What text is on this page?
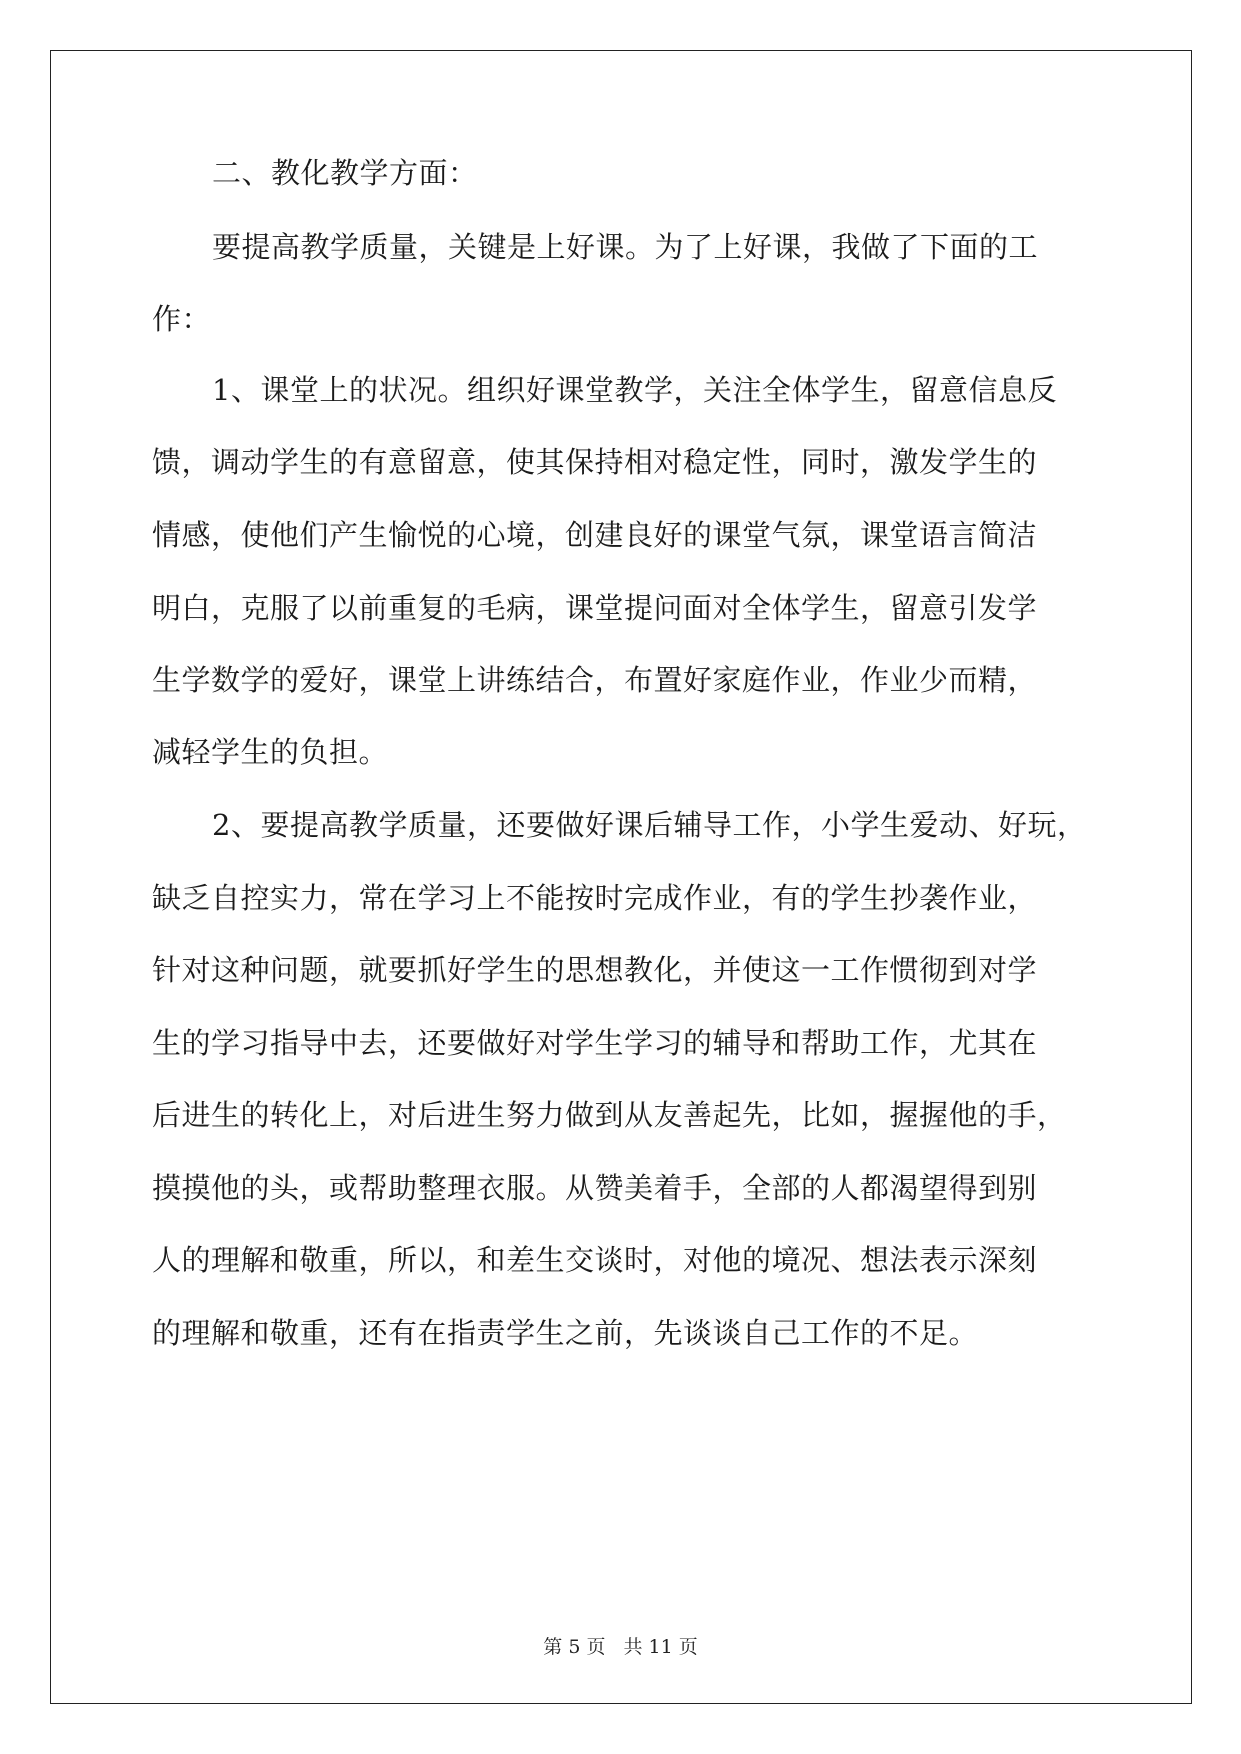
二、教化教学方面：
要提高教学质量，关键是上好课。为了上好课，我做了下面的工
作：
1、课堂上的状况。组织好课堂教学，关注全体学生，留意信息反
馈，调动学生的有意留意，使其保持相对稳定性，同时，激发学生的
情感，使他们产生愉悦的心境，创建良好的课堂气氛，课堂语言简洁
明白，克服了以前重复的毛病，课堂提问面对全体学生，留意引发学
生学数学的爱好，课堂上讲练结合，布置好家庭作业，作业少而精，
减轻学生的负担。
2、要提高教学质量，还要做好课后辅导工作，小学生爱动、好玩，
缺乏自控实力，常在学习上不能按时完成作业，有的学生抄袭作业，
针对这种问题，就要抓好学生的思想教化，并使这一工作惯彻到对学
生的学习指导中去，还要做好对学生学习的辅导和帮助工作，尤其在
后进生的转化上，对后进生努力做到从友善起先，比如，握握他的手，
摸摸他的头，或帮助整理衣服。从赞美着手，全部的人都渴望得到别
人的理解和敬重，所以，和差生交谈时，对他的境况、想法表示深刻
的理解和敬重，还有在指责学生之前，先谈谈自己工作的不足。
第 5 页 共 11 页
